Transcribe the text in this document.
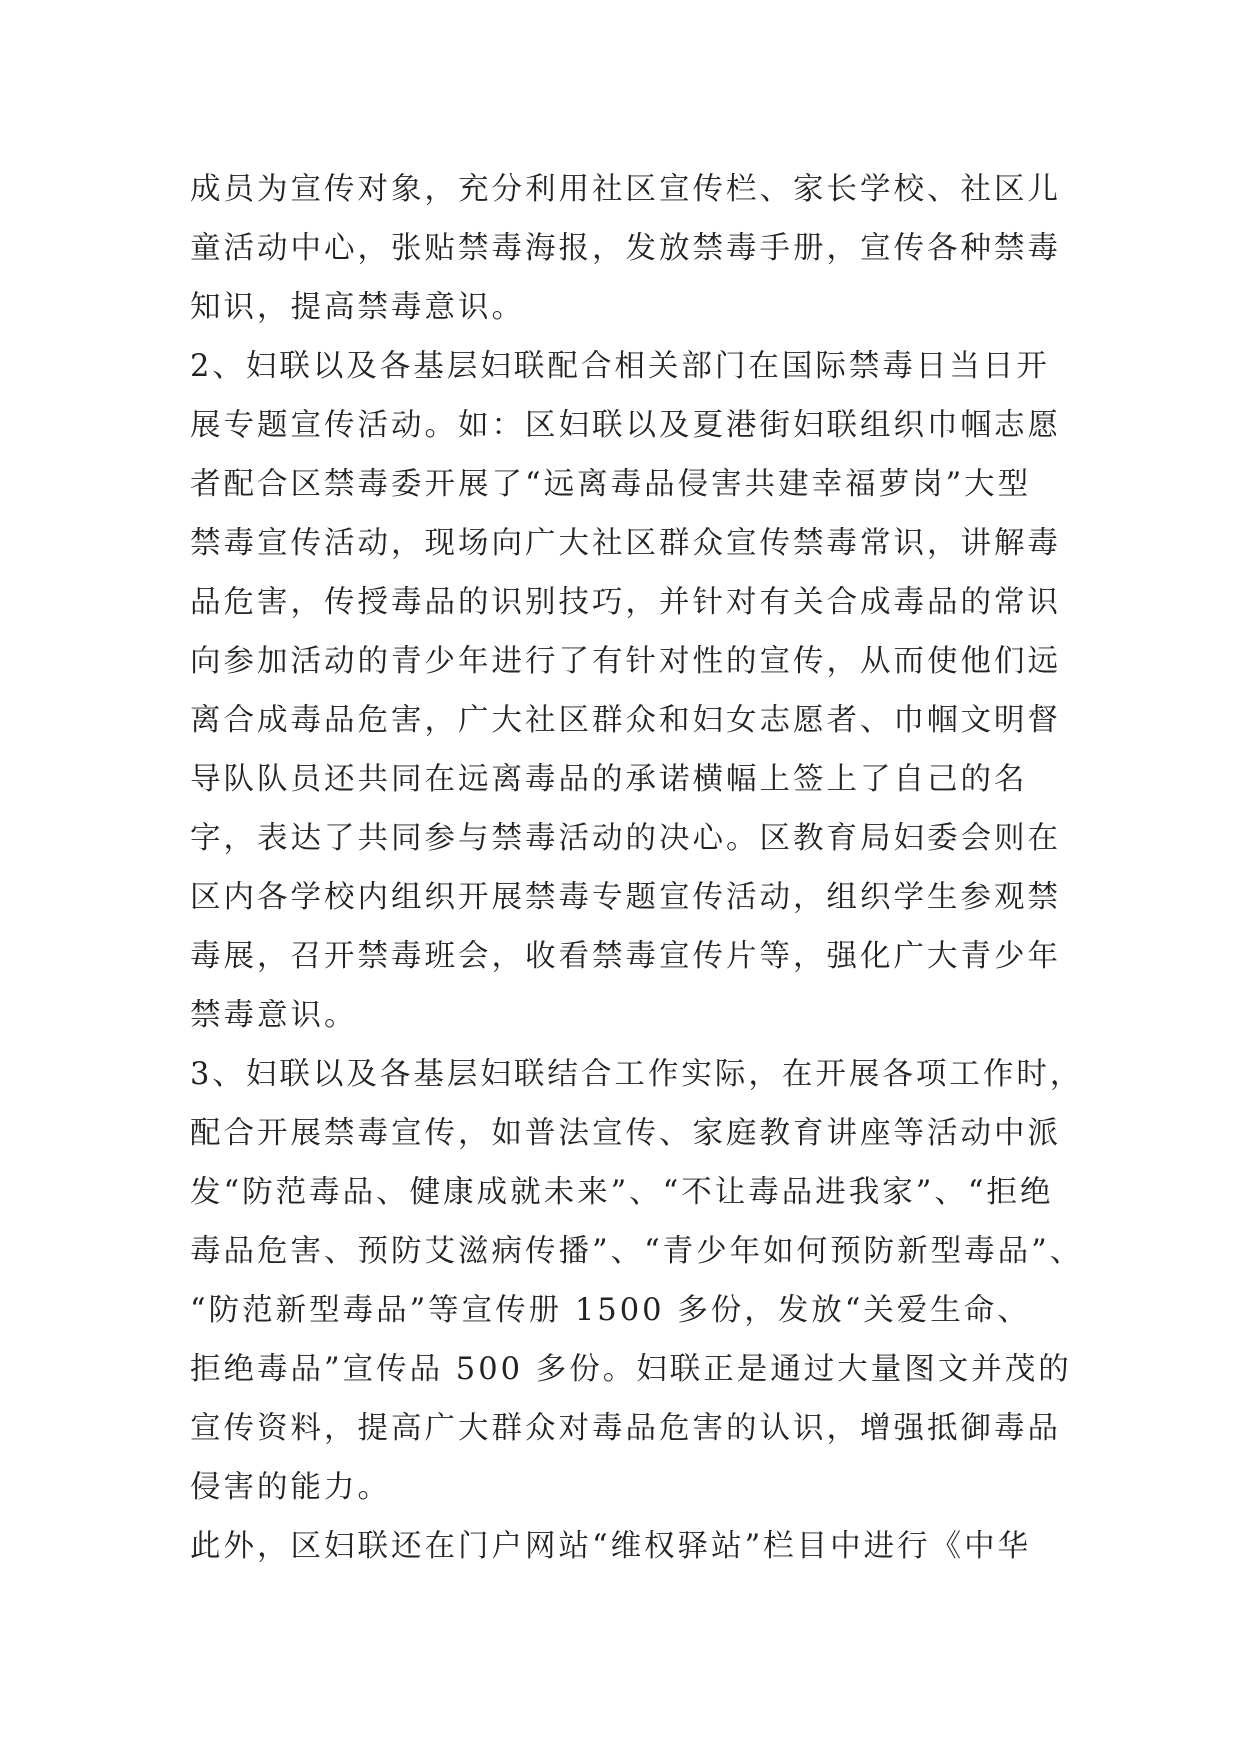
成员为宣传对象，充分利用社区宣传栏、家长学校、社区儿
童活动中心，张贴禁毒海报，发放禁毒手册，宣传各种禁毒
知识，提高禁毒意识。
2、妇联以及各基层妇联配合相关部门在国际禁毒日当日开
展专题宣传活动。如：区妇联以及夏港街妇联组织巾帼志愿
者配合区禁毒委开展了“远离毒品侵害共建幸福萝岗”大型
禁毒宣传活动，现场向广大社区群众宣传禁毒常识，讲解毒
品危害，传授毒品的识别技巧，并针对有关合成毒品的常识
向参加活动的青少年进行了有针对性的宣传，从而使他们远
离合成毒品危害，广大社区群众和妇女志愿者、巾帼文明督
导队队员还共同在远离毒品的承诺横幅上签上了自己的名
字，表达了共同参与禁毒活动的决心。区教育局妇委会则在
区内各学校内组织开展禁毒专题宣传活动，组织学生参观禁
毒展，召开禁毒班会，收看禁毒宣传片等，强化广大青少年
禁毒意识。
3、妇联以及各基层妇联结合工作实际，在开展各项工作时，
配合开展禁毒宣传，如普法宣传、家庭教育讲座等活动中派
发“防范毒品、健康成就未来”、“不让毒品进我家”、“拒绝
毒品危害、预防艾滋病传播”、“青少年如何预防新型毒品”、
“防范新型毒品”等宣传册 1500 多份，发放“关爱生命、
拒绝毒品”宣传品 500 多份。妇联正是通过大量图文并茂的
宣传资料，提高广大群众对毒品危害的认识，增强抵御毒品
侵害的能力。
此外，区妇联还在门户网站“维权驿站”栏目中进行《中华
